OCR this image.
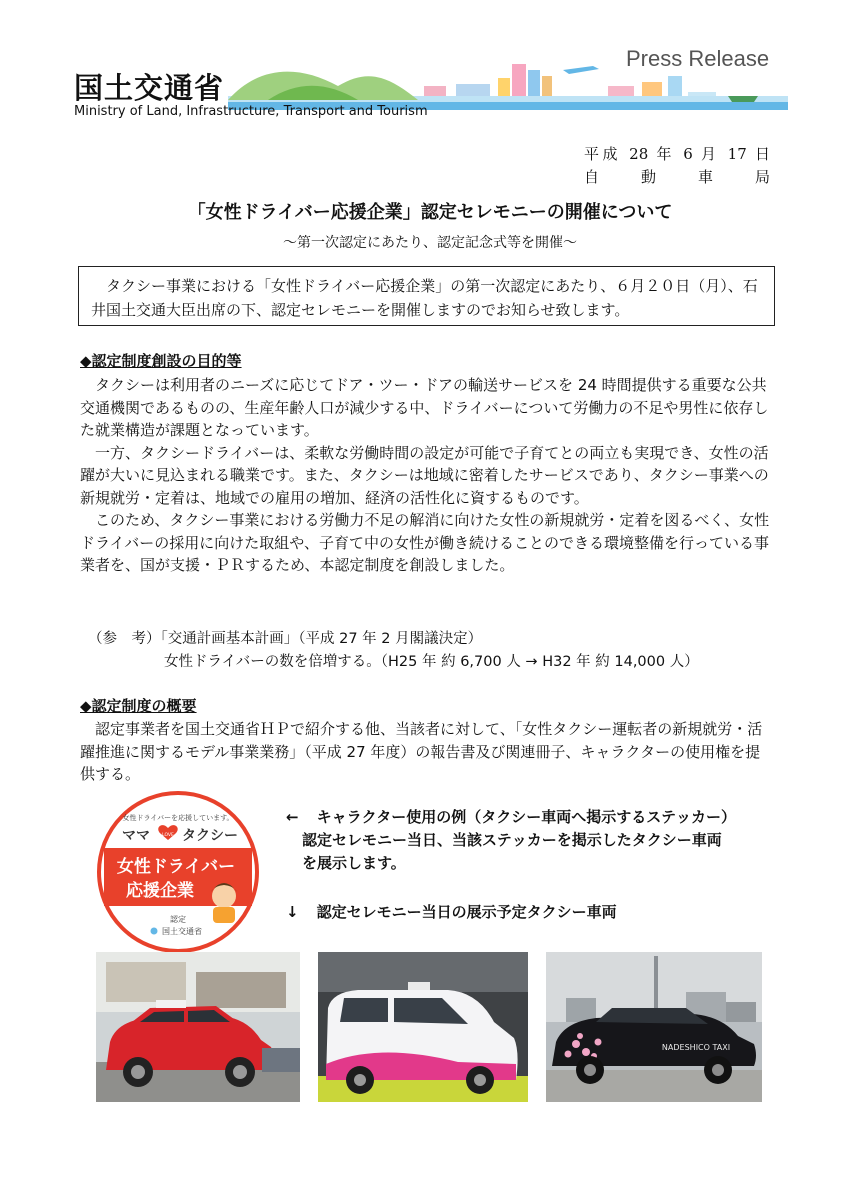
国土交通省
Ministry of Land, Infrastructure, Transport and Tourism
Press Release
平成 28 年 6 月 17 日
自動車局
「女性ドライバー応援企業」認定セレモニーの開催について
〜第一次認定にあたり、認定記念式等を開催〜
タクシー事業における「女性ドライバー応援企業」の第一次認定にあたり、６月２０日（月）、石井国土交通大臣出席の下、認定セレモニーを開催しますのでお知らせ致します。
◆認定制度創設の目的等
タクシーは利用者のニーズに応じてドア・ツー・ドアの輸送サービスを 24 時間提供する重要な公共交通機関であるものの、生産年齢人口が減少する中、ドライバーについて労働力の不足や男性に依存した就業構造が課題となっています。
一方、タクシードライバーは、柔軟な労働時間の設定が可能で子育てとの両立も実現でき、女性の活躍が大いに見込まれる職業です。また、タクシーは地域に密着したサービスであり、タクシー事業への新規就労・定着は、地域での雇用の増加、経済の活性化に資するものです。
このため、タクシー事業における労働力不足の解消に向けた女性の新規就労・定着を図るべく、女性ドライバーの採用に向けた取組や、子育て中の女性が働き続けることのできる環境整備を行っている事業者を、国が支援・ＰＲするため、本認定制度を創設しました。
（参　考）「交通計画基本計画」（平成 27 年 2 月閣議決定）
女性ドライバーの数を倍増する。（H25 年 約 6,700 人 → H32 年 約 14,000 人）
◆認定制度の概要
認定事業者を国土交通省ＨＰで紹介する他、当該者に対して、「女性タクシー運転者の新規就労・活躍推進に関するモデル事業業務」（平成 27 年度）の報告書及び関連冊子、キャラクターの使用権を提供する。
女性ドライバーを応援しています。
ママ	LOVE タクシー
女性ドライバー
応援企業
認定
国土交通省
← キャラクター使用の例（タクシー車両へ掲示するステッカー）
認定セレモニー当日、当該ステッカーを掲示したタクシー車両
を展示します。
↓ 認定セレモニー当日の展示予定タクシー車両
NADESHICO TAXI
